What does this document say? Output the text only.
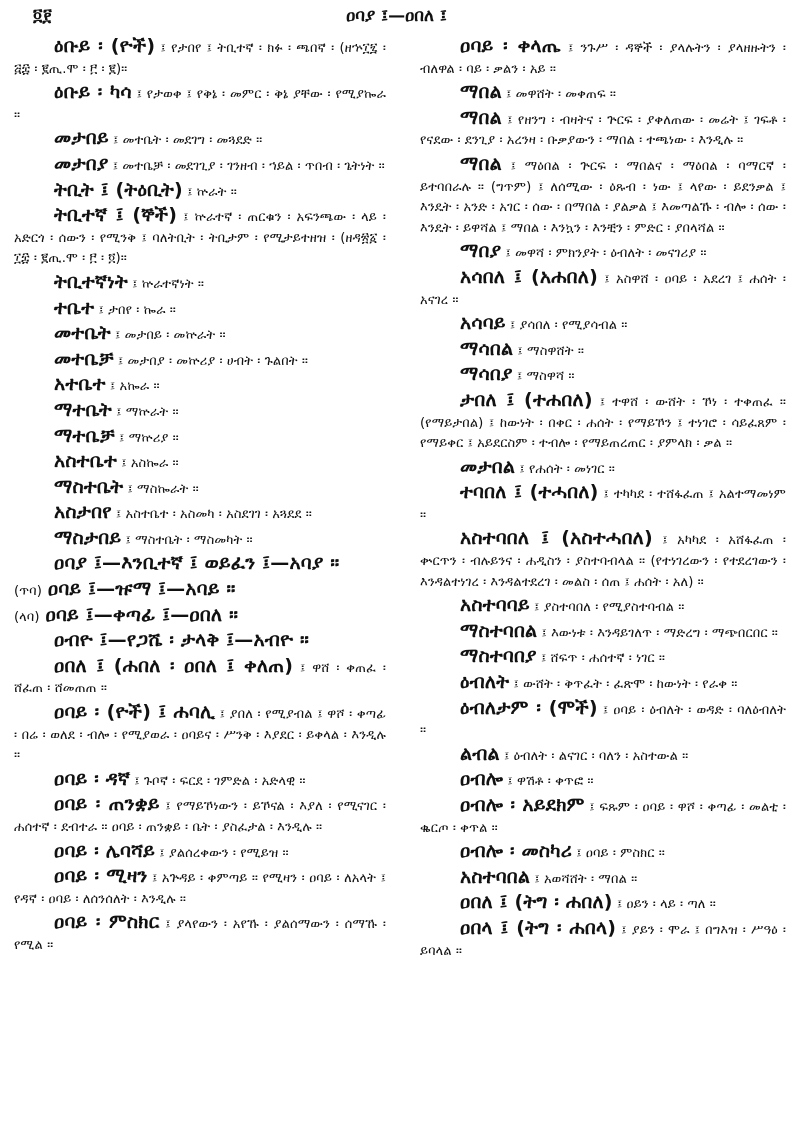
፬፻	ዐባያ ፤—ዐበለ ፤

ዕቡይ ፡ (ዮች) ፤ የታበየ ፤ ትቢተኛ ፡ ክፉ ፡ ጫበኛ ፡ (ዘኍ፲፯ ፡ ፭፰ ፡ ፪ጢ.ሞ ፡ ፫ ፡ ፪)።

ዕቡይ ፡ ካሳ ፤ የታወቀ ፤ የቅኔ ፡ መምር ፡ ቅኔ ያቸው ፡ የሚያኰራ ።

መታበይ ፤ መተቤት ፡ መደገግ ፡ መጓደድ ።

መታበያ ፤ መተቤቻ ፡ መደገጊያ ፡ ገንዘብ ፡ ኀይል ፡ ጥበብ ፡ ጌትነት ።

ትቢት ፤ (ትዕቢት) ፤ ኵራት ።

ትቢተኛ ፤ (ኞች) ፤ ኵራተኛ ፡ ጠርቁን ፡ አፍንጫው ፡ ላይ ፡ አድርጎ ፡ ሰውን ፡ የሚንቅ ፤ ባለትቢት ፡ ትቢታም ፡ የሚታይተዘዝ ፡ (ዘዳ፳፩ ፡ ፲፰ ፡ ፪ጢ.ሞ ፡ ፫ ፡ ፬)።

ትቢተኛነት ፤ ኵራተኛነት ።

ተቤተ ፤ ታበየ ፡ ኰራ ።

መተቤት ፤ መታበይ ፡ መኵራት ።

መተቤቻ ፤ መታበያ ፡ መኵሪያ ፡ ሀብት ፡ ጉልበት ።

አተቤተ ፤ አኰራ ።

ማተቤት ፤ ማኵራት ።

ማተቤቻ ፤ ማኵሪያ ።

አስተቤተ ፤ አስኰራ ።

ማስተቤት ፤ ማስኰራት ።

አስታበየ ፤ አስተቤተ ፡ አስመካ ፡ አስደገገ ፡ አጓደደ ።

ማስታበይ ፤ ማስተቤት ፡ ማስመካት ።

ዐባያ ፤—እንቢተኛ ፤ ወይፈን ፤—አባያ ።

(ጥባ) ዐባይ ፤—ዡማ ፤—አባይ ።

(ላባ) ዐባይ ፤—ቀጣፊ ፤—ዐበለ ።

ዐብዮ ፤—የጋሼ ፡ ታላቅ ፤—አብዮ ።

ዐበለ ፤ (ሐበለ ፡ ዐበለ ፤ ቀለጠ) ፤ ዋሸ ፡ ቀጠፈ ፡ ሸፈጠ ፡ ሸመጠጠ ።

ዐባይ ፡ (ዮች) ፤ ሐባሊ ፤ ያበለ ፡ የሚያብል ፤ ዋሾ ፡ ቀጣፊ ፡ በሬ ፡ ወለደ ፡ ብሎ ፡ የሚያወራ ፡ ዐባይና ፡ ሥንቅ ፡ እያደር ፡ ይቀላል ፡ እንዲሉ ።

ዐባይ ፡ ዳኛ ፤ ጉቦኛ ፡ ፍርደ ፡ ገምድል ፡ አድላዊ ።

ዐባይ ፡ ጠንቋይ ፤ የማይኾነውን ፡ ይኾናል ፡ እያለ ፡ የሚናገር ፡ ሐሰተኛ ፡ ደብተራ ። ዐባይ ፡ ጠንቋይ ፡ ቤት ፡ ያስፈታል ፡ እንዲሉ ።

ዐባይ ፡ ሌባሻይ ፤ ያልሰረቀውን ፡ የሚይዝ ።

ዐባይ ፡ ሚዛን ፤ አጕዳይ ፡ ቀምጣይ ። የሚዛን ፡ ዐባይ ፡ ለአላት ፤ የዳኛ ፡ ዐባይ ፡ ለሰንሰለት ፡ እንዲሉ ።

ዐባይ ፡ ምስክር ፤ ያላየውን ፡ አየኹ ፡ ያልሰማውን ፡ ሰማኹ ፡ የሚል ።

ዐባይ ፡ ቀላጤ ፤ ንጉሥ ፡ ዳኞች ፡ ያላሉትን ፡ ያላዘዙትን ፡ ብለዋል ፡ ባይ ፡ ቃልን ፡ አይ ።

ማበል ፤ መዋሸት ፡ መቀጠፍ ።

ማበል ፤ የዘንግ ፡ ብዛትና ፡ ጕርፍ ፡ ያቀለጠው ፡ መሬት ፤ ገፍቶ ፡ የናደው ፡ ደንጊያ ፡ አረንዛ ፡ ቡቃያውን ፡ ማበል ፡ ተጫነው ፡ እንዲሉ ።

ማበል ፤ ማዕበል ፡ ጕርፍ ፡ ማበልና ፡ ማዕበል ፡ ባማርኛ ፡ ይተባበራሉ ። (ግጥም) ፤ ለሰሚው ፡ ዕጹብ ፡ ነው ፤ ላየው ፡ ይደንቃል ፤ እንዴት ፡ አንድ ፡ አገር ፡ ሰው ፡ በማበል ፡ ያልቃል ፤ እመጣልኹ ፡ ብሎ ፡ ሰው ፡ እንዴት ፡ ይዋሻል ፤ ማበል ፡ እንኳን ፡ እንቺን ፡ ምድር ፡ ያበላሻል ።

ማበያ ፤ መዋሻ ፡ ምክንያት ፡ ዕብለት ፡ መናገሪያ ።

አሳበለ ፤ (አሐበለ) ፤ አስዋሸ ፡ ዐባይ ፡ አደረገ ፤ ሐሰት ፡ አናገረ ።

አሳባይ ፤ ያሳበለ ፡ የሚያሳብል ።

ማሳበል ፤ ማስዋሸት ።

ማሳበያ ፤ ማስዋሻ ።

ታበለ ፤ (ተሐበለ) ፤ ተዋሸ ፡ ውሸት ፡ ኾነ ፡ ተቀጠፈ ። (የማይታበል) ፤ ከውነት ፡ በቀር ፡ ሐሰት ፡ የማይኾን ፤ ተነገሮ ፡ ሳይፈጸም ፡ የማይቀር ፤ አይደርስም ፡ ተብሎ ፡ የማይጠረጠር ፡ ያምላክ ፡ ቃል ።

መታበል ፤ የሐሰት ፡ መነገር ።

ተባበለ ፤ (ተሓበለ) ፤ ተካካደ ፡ ተሸፋፈጠ ፤ አልተማመነም ።

አስተባበለ ፤ (አስተሓበለ) ፤ አካካደ ፡ አሸፋፈጠ ፡ ቍርጥን ፡ ብሉይንና ፡ ሐዲስን ፡ ያስተባብላል ። (የተነገረውን ፡ የተደረገውን ፡ እንዳልተነገረ ፡ እንዳልተደረገ ፡ መልስ ፡ ሰጠ ፤ ሐሰት ፡ አለ) ።

አስተባባይ ፤ ያስተባበለ ፡ የሚያስተባብል ።

ማስተባበል ፤ እውነቱ ፡ እንዳይገለጥ ፡ ማድረግ ፡ ማጭበርበር ።

ማስተባበያ ፤ ሸፍጥ ፡ ሐሰተኛ ፡ ነገር ።

ዕብለት ፤ ውሸት ፡ ቅጥፈት ፡ ፈጽሞ ፡ ከውነት ፡ የራቀ ።

ዕብለታም ፡ (ሞች) ፤ ዐባይ ፡ ዕብለት ፡ ወዳድ ፡ ባለዕብለት ።

ልብል ፤ ዕብለት ፡ ልናገር ፡ ባለን ፡ አስተውል ።

ዐብሎ ፤ ዋሽቶ ፡ ቀጥፎ ።

ዐብሎ ፡ አይደክም ፤ ፍጹም ፡ ዐባይ ፡ ዋሾ ፡ ቀጣፊ ፡ መልቲ ፡ ቈርጦ ፡ ቀጥል ።

ዐብሎ ፡ መስካሪ ፤ ዐባይ ፡ ምስክር ።

አስተባበል ፤ አወሻሸት ፡ ማበል ።

ዐበለ ፤ (ትግ ፡ ሐበለ) ፤ ዐይን ፡ ላይ ፡ ጣለ ።

ዐበላ ፤ (ትግ ፡ ሐበላ) ፤ ያይን ፡ ሞራ ፤ በግእዝ ፡ ሥዓዕ ፡ ይባላል ።
